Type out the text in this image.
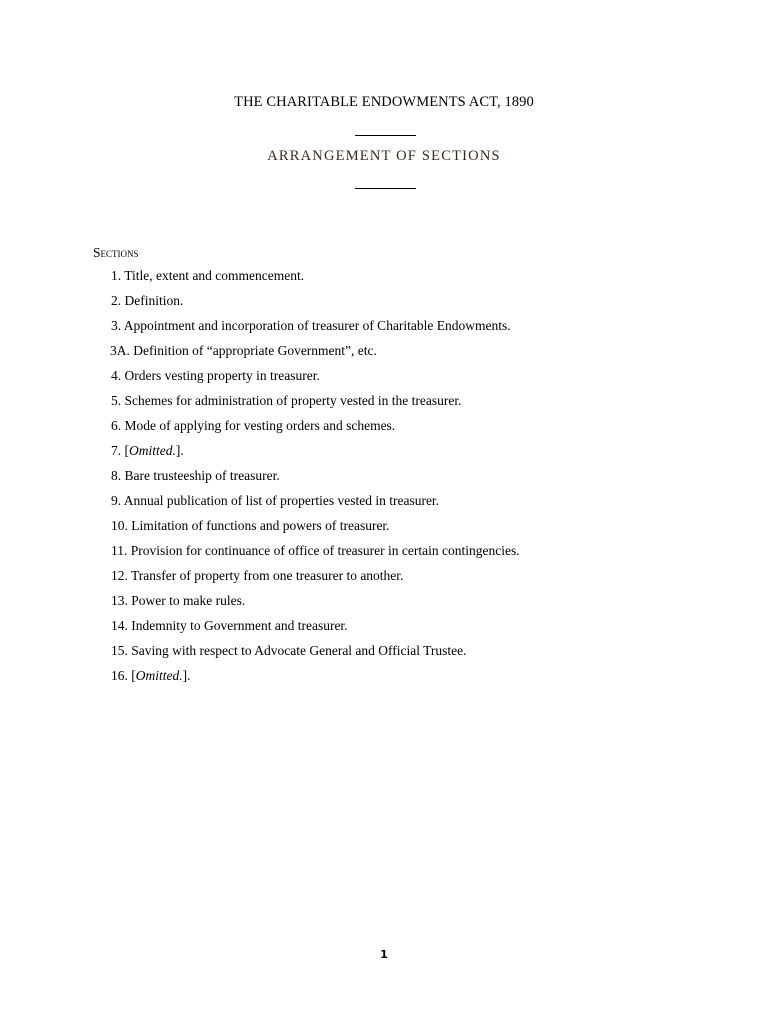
THE CHARITABLE ENDOWMENTS ACT, 1890
ARRANGEMENT OF SECTIONS
Sections
1. Title, extent and commencement.
2. Definition.
3. Appointment and incorporation of treasurer of Charitable Endowments.
3A. Definition of “appropriate Government”, etc.
4. Orders vesting property in treasurer.
5. Schemes for administration of property vested in the treasurer.
6. Mode of applying for vesting orders and schemes.
7. [Omitted.].
8. Bare trusteeship of treasurer.
9. Annual publication of list of properties vested in treasurer.
10. Limitation of functions and powers of treasurer.
11. Provision for continuance of office of treasurer in certain contingencies.
12. Transfer of property from one treasurer to another.
13. Power to make rules.
14. Indemnity to Government and treasurer.
15. Saving with respect to Advocate General and Official Trustee.
16. [Omitted.].
1
